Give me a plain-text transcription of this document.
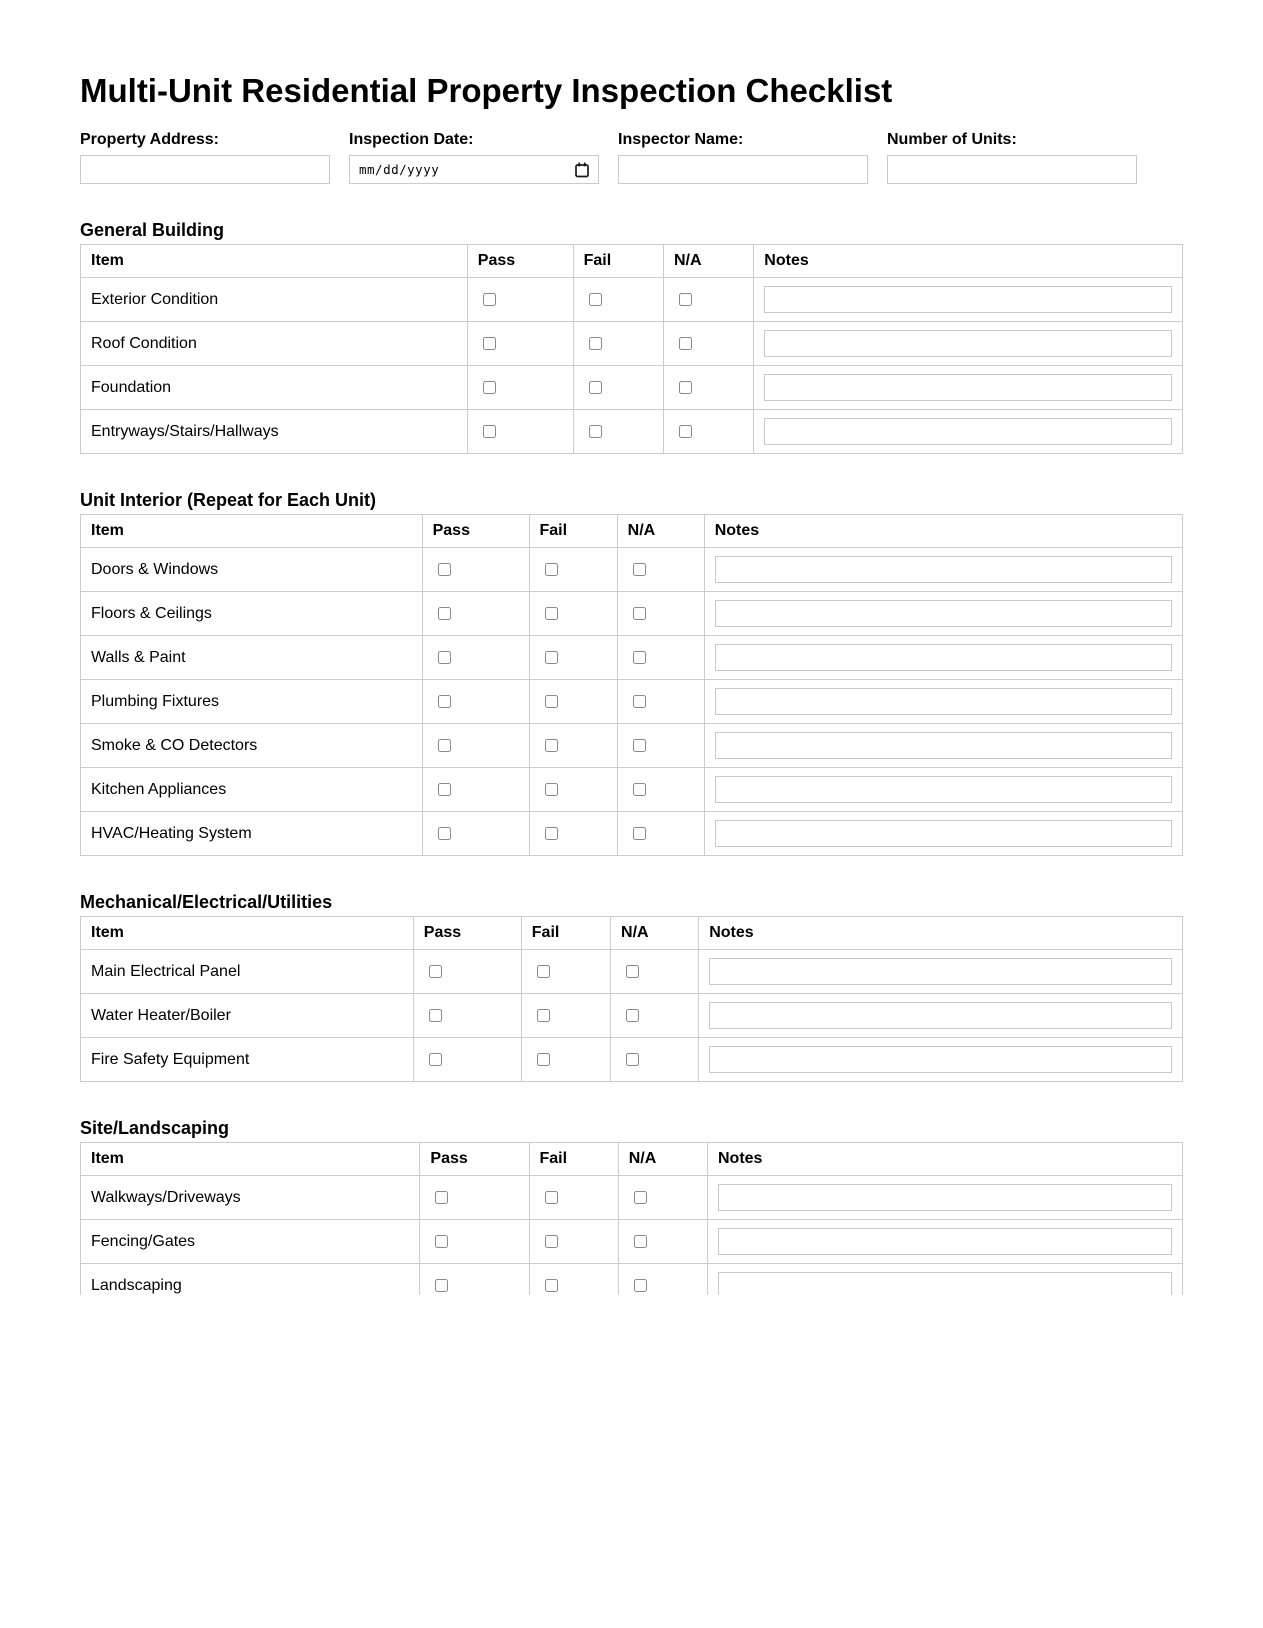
Multi-Unit Residential Property Inspection Checklist
Property Address:	Inspection Date:
mm/dd/yyyy
Inspector Name:	Number of Units:
General Building
Item	Pass	Fail	N/A	Notes
Exterior Condition				

Roof Condition				

Foundation				

Entryways/Stairs/Hallways				
Unit Interior (Repeat for Each Unit)
Item	Pass	Fail	N/A	Notes
Doors & Windows				

Floors & Ceilings				

Walls & Paint				

Plumbing Fixtures				

Smoke & CO Detectors				

Kitchen Appliances				

HVAC/Heating System				
Mechanical/Electrical/Utilities
Item	Pass	Fail	N/A	Notes
Main Electrical Panel				

Water Heater/Boiler				

Fire Safety Equipment				
Site/Landscaping
Item	Pass	Fail	N/A	Notes
Walkways/Driveways				

Fencing/Gates				

Landscaping				
